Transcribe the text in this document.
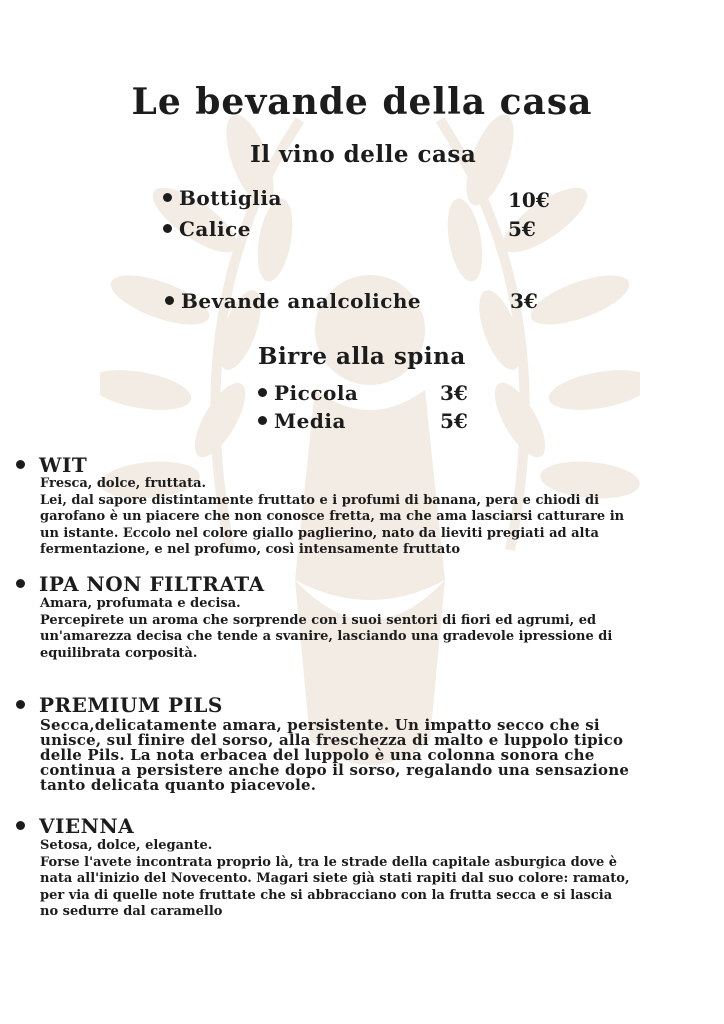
Le bevande della casa
Il vino delle casa
Bottiglia	10€
Calice	5€
Bevande analcoliche	3€
Birre alla spina
Piccola	3€
Media	5€
WIT

Fresca, dolce, fruttata.

Lei, dal sapore distintamente fruttato e i profumi di banana, pera e chiodi di

garofano è un piacere che non conosce fretta, ma che ama lasciarsi catturare in

un istante. Eccolo nel colore giallo paglierino, nato da lieviti pregiati ad alta

fermentazione, e nel profumo, così intensamente fruttato

IPA NON FILTRATA

Amara, profumata e decisa.

Percepirete un aroma che sorprende con i suoi sentori di fiori ed agrumi, ed

un'amarezza decisa che tende a svanire, lasciando una gradevole ipressione di

equilibrata corposità.

PREMIUM PILS

Secca,delicatamente amara, persistente. Un impatto secco che si

unisce, sul finire del sorso, alla freschezza di malto e luppolo tipico

delle Pils. La nota erbacea del luppolo è una colonna sonora che

continua a persistere anche dopo il sorso, regalando una sensazione

tanto delicata quanto piacevole.

VIENNA

Setosa, dolce, elegante.

Forse l'avete incontrata proprio là, tra le strade della capitale asburgica dove è

nata all'inizio del Novecento. Magari siete già stati rapiti dal suo colore: ramato,

per via di quelle note fruttate che si abbracciano con la frutta secca e si lascia

no sedurre dal caramello
